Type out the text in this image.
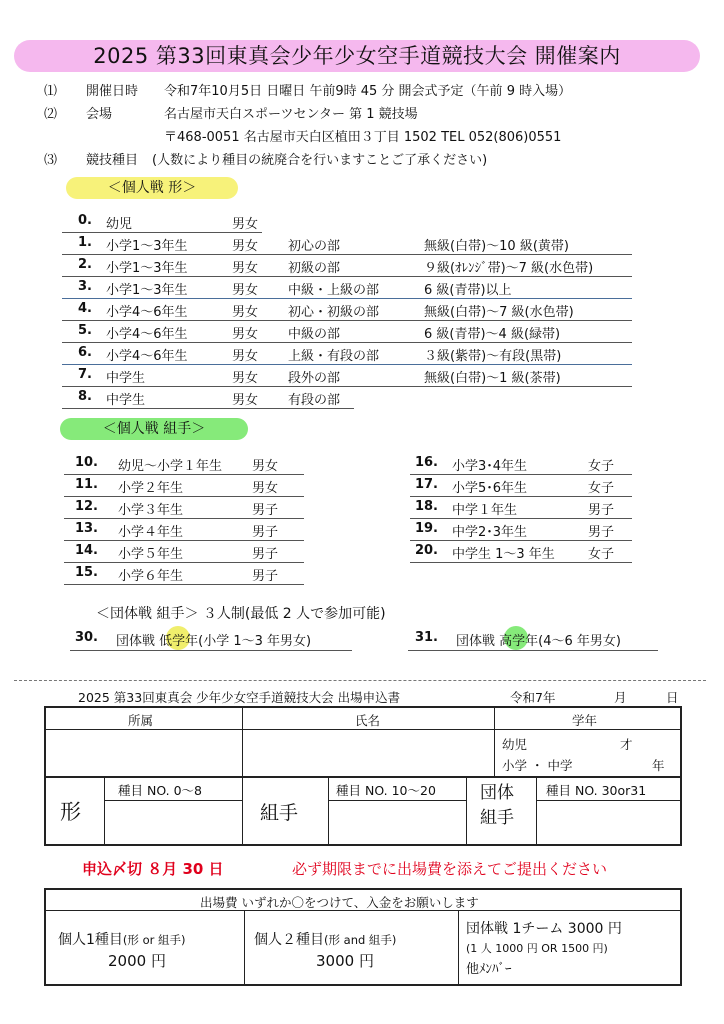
2025 第33回東真会少年少女空手道競技大会 開催案内
⑴ 開催日時 令和7年10月5日 日曜日 午前9時 45 分 開会式予定（午前 9 時入場）
⑵ 会場	名古屋市天白スポーツセンター 第 1 競技場
〒468-0051 名古屋市天白区植田３丁目 1502 TEL 052(806)0551
⑶ 競技種目 (人数により種目の統廃合を行いますことご了承ください)
＜個人戦 形＞
0. 幼児	男女
1. 小学1～3年生	男女 初心の部	無級(白帯)～10 級(黄帯)
2. 小学1～3年生	男女 初級の部	９級(ｵﾚﾝｼﾞ帯)～7 級(水色帯)
3. 小学1～3年生	男女 中級・上級の部	6 級(青帯)以上
4. 小学4～6年生	男女 初心・初級の部	無級(白帯)～7 級(水色帯)
5. 小学4～6年生	男女 中級の部	6 級(青帯)～4 級(緑帯)
6. 小学4～6年生	男女 上級・有段の部	３級(紫帯)～有段(黒帯)
7. 中学生	男女 段外の部	無級(白帯)～1 級(茶帯)
8. 中学生	男女 有段の部
＜個人戦 組手＞
10. 幼児～小学１年生 男女
11. 小学２年生	男女
12. 小学３年生	男子
13. 小学４年生	男子
14. 小学５年生	男子
15. 小学６年生	男子
16. 小学3･4年生	女子
17. 小学5･6年生	女子
18. 中学１年生	男子
19. 中学2･3年生	男子
20. 中学生 1～3 年生	女子
＜団体戦 組手＞ ３人制(最低 2 人で参加可能)
30. 団体戦 低学年(小学 1～3 年男女)	31. 団体戦 高学年(4～6 年男女)
2025 第33回東真会 少年少女空手道競技大会 出場申込書	令和7年	月	日
所属	氏名	学年
幼児	才
小学 ・ 中学	年
形
種目 NO. 0～8
組手
種目 NO. 10～20	団体
組手
種目 NO. 30or31
申込〆切 ８月 30 日	必ず期限までに出場費を添えてご提出ください
出場費 いずれか〇をつけて、入金をお願いします
個人1種目(形 or 組手)
2000 円
個人２種目(形 and 組手)
3000 円
団体戦 1チーム 3000 円
(1 人 1000 円 OR 1500 円)
他ﾒﾝﾊﾞｰ
